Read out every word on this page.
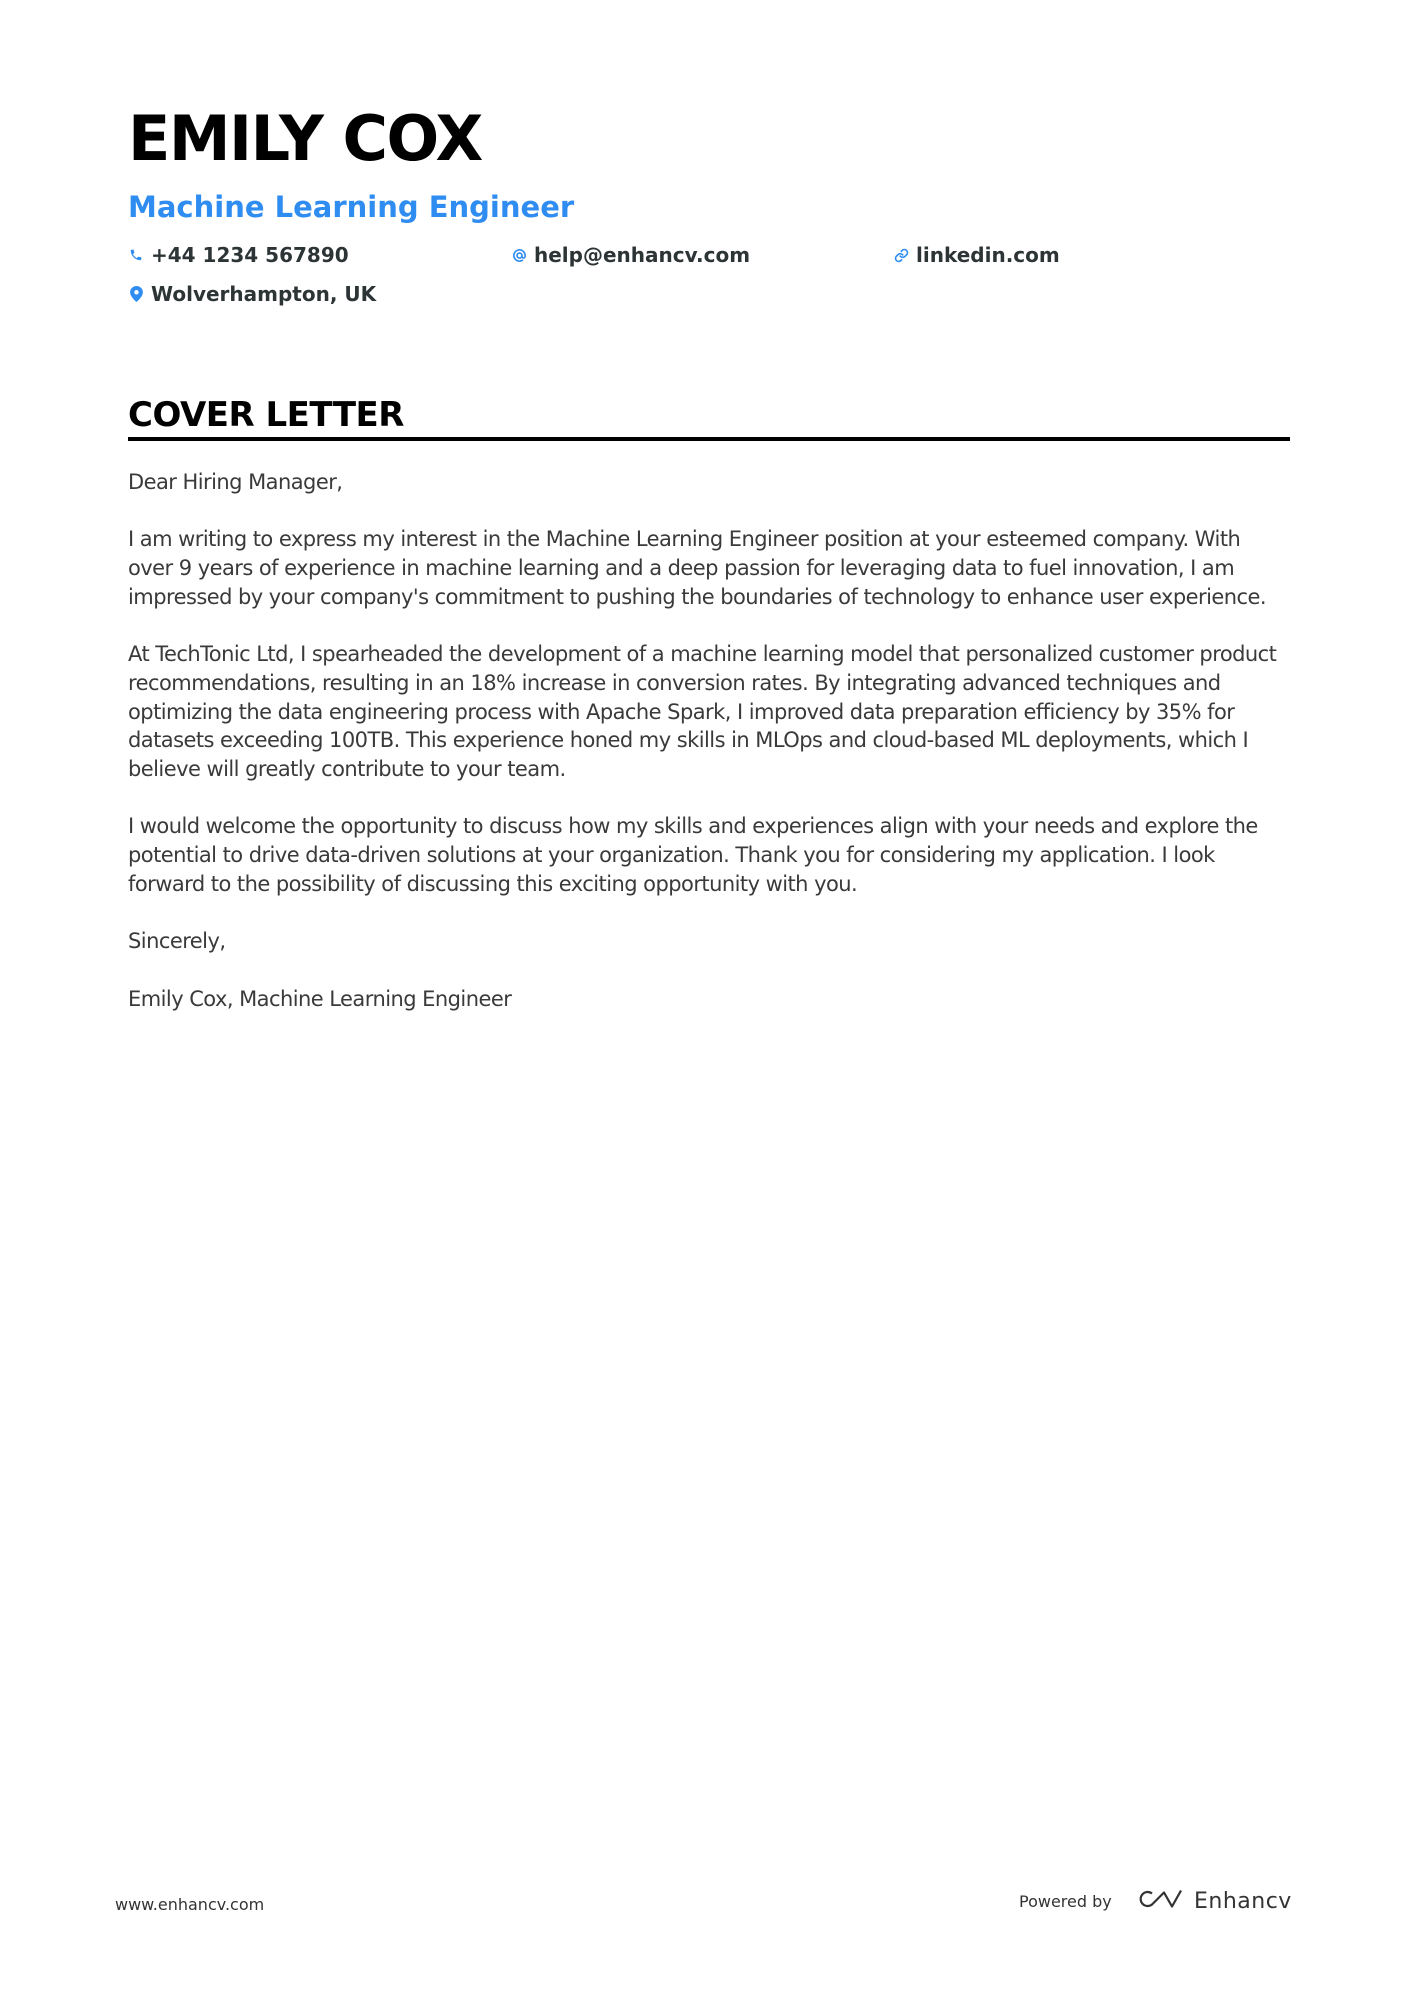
EMILY COX
Machine Learning Engineer
+44 1234 567890	help@enhancv.com	linkedin.com
Wolverhampton, UK
COVER LETTER

Dear Hiring Manager,

I am writing to express my interest in the Machine Learning Engineer position at your esteemed company. With over 9 years of experience in machine learning and a deep passion for leveraging data to fuel innovation, I am impressed by your company's commitment to pushing the boundaries of technology to enhance user experience.

At TechTonic Ltd, I spearheaded the development of a machine learning model that personalized customer product recommendations, resulting in an 18% increase in conversion rates. By integrating advanced techniques and optimizing the data engineering process with Apache Spark, I improved data preparation efficiency by 35% for datasets exceeding 100TB. This experience honed my skills in MLOps and cloud-based ML deployments, which I believe will greatly contribute to your team.

I would welcome the opportunity to discuss how my skills and experiences align with your needs and explore the potential to drive data-driven solutions at your organization. Thank you for considering my application. I look forward to the possibility of discussing this exciting opportunity with you.

Sincerely,

Emily Cox, Machine Learning Engineer

www.enhancv.com	Powered by	Enhancv
